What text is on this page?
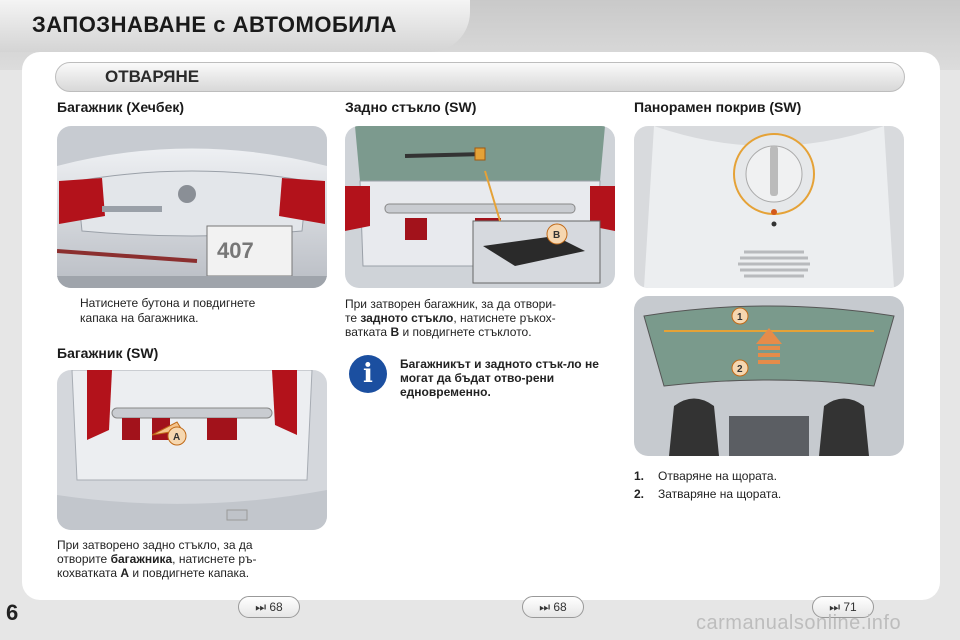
ЗАПОЗНАВАНЕ с АВТОМОБИЛА
ОТВАРЯНЕ
Багажник (Хечбек)
407
Натиснете бутона и повдигнете
капака на багажника.
Багажник (SW)
A
При затворено задно стъкло, за да
отворите багажника, натиснете ръ-
кохватката A и повдигнете капака.
Задно стъкло (SW)
B
При затворен багажник, за да отвори-
те задното стъкло, натиснете ръкох-
ватката B и повдигнете стъклото.
i	Багажникът и задното стък-ло не могат да бъдат отво-рени едновременно.
Панорамен покрив (SW)
1
2
1. Отваряне на щората.
2. Затваряне на щората.
⏭ 68	⏭ 68	⏭ 71
6	carmanualsonline.info
